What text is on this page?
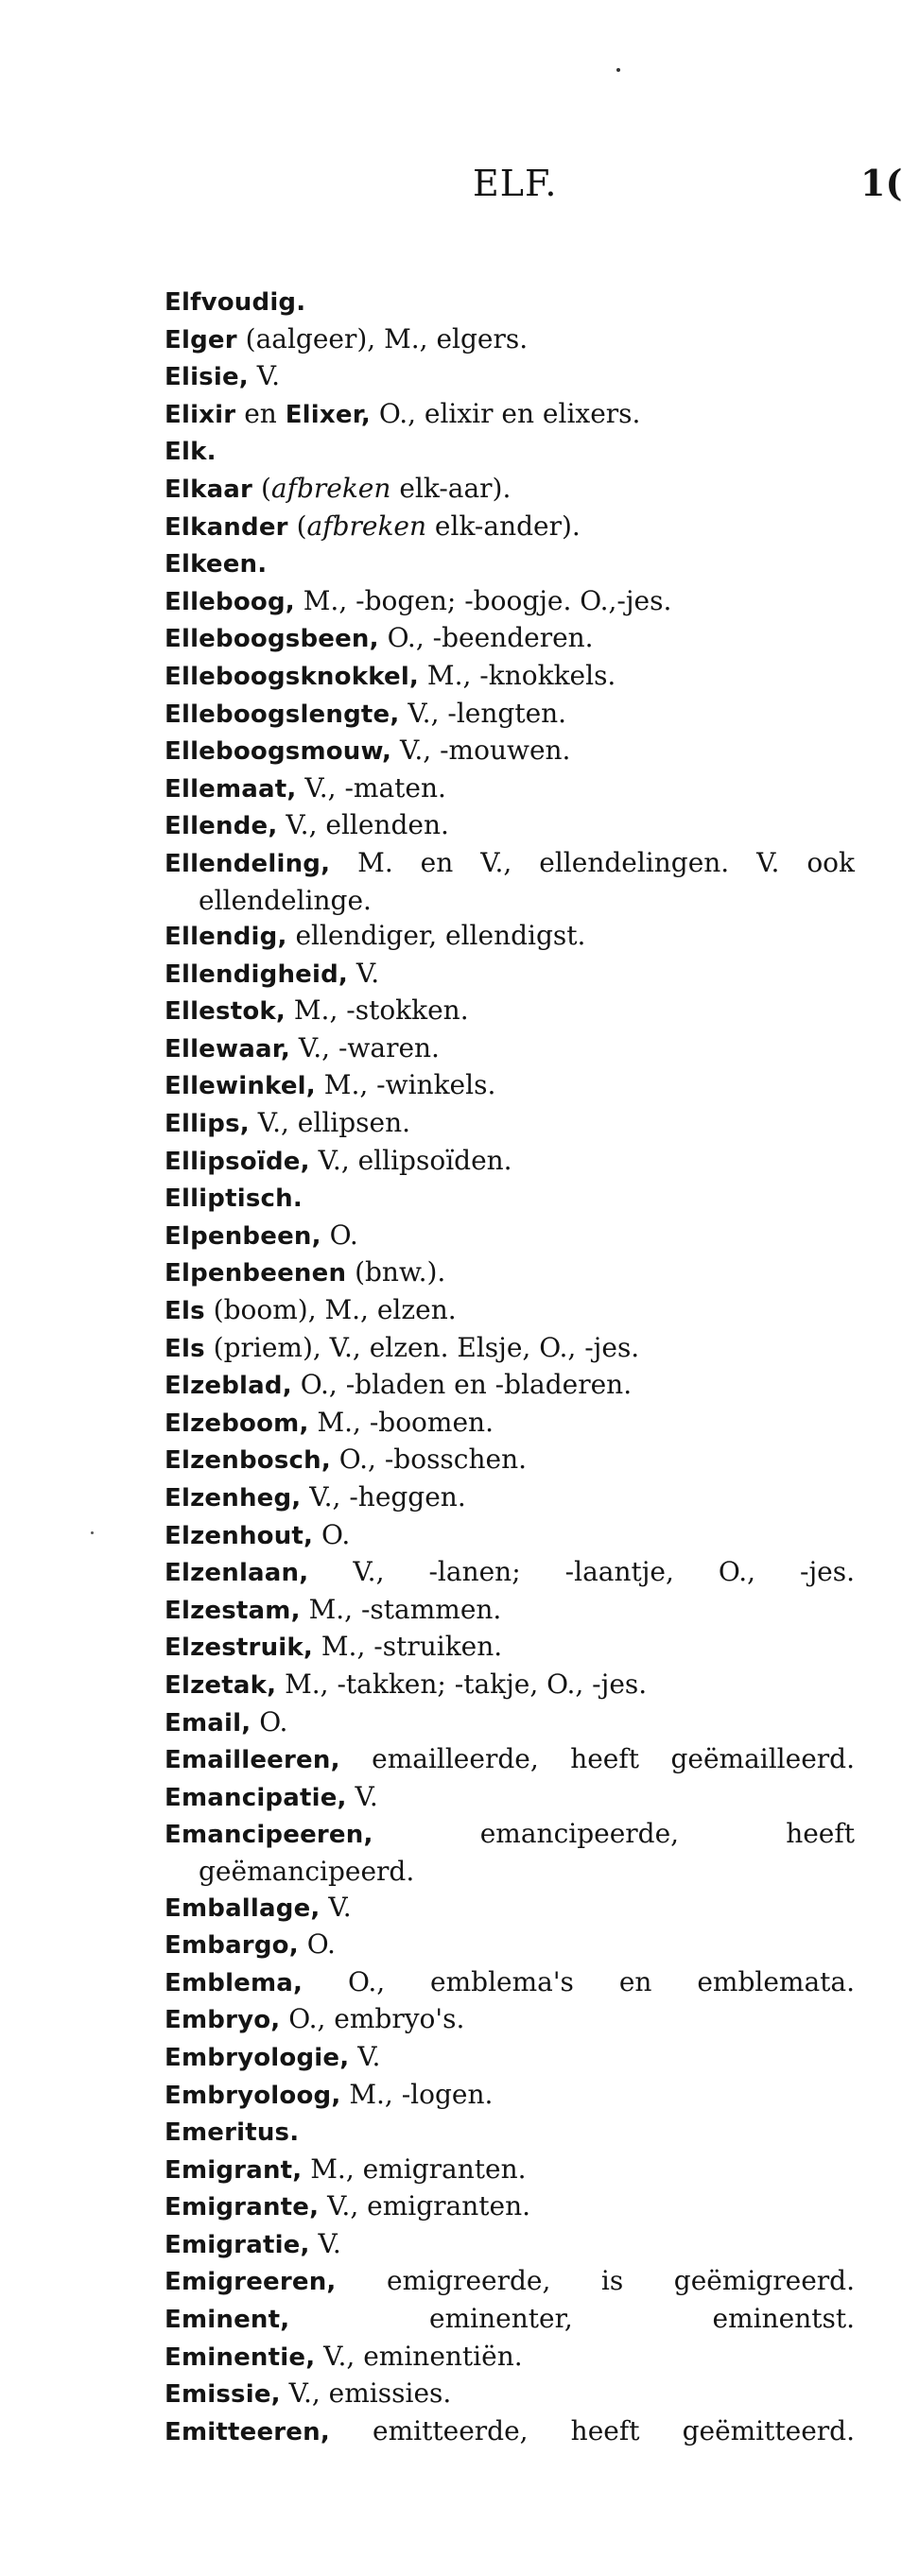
ELF.	1(
Elfvoudig.
Elger (aalgeer), M., elgers.
Elisie, V.
Elixir en Elixer, O., elixir en elixers.
Elk.
Elkaar (afbreken elk-aar).
Elkander (afbreken elk-ander).
Elkeen.
Elleboog, M., -bogen; -boogje. O.,-jes.
Elleboogsbeen, O., -beenderen.
Elleboogsknokkel, M., -knokkels.
Elleboogslengte, V., -lengten.
Elleboogsmouw, V., -mouwen.
Ellemaat, V., -maten.
Ellende, V., ellenden.
Ellendeling, M. en V., ellendelingen. V. ook ellendelinge.
Ellendig, ellendiger, ellendigst.
Ellendigheid, V.
Ellestok, M., -stokken.
Ellewaar, V., -waren.
Ellewinkel, M., -winkels.
Ellips, V., ellipsen.
Ellipsoïde, V., ellipsoïden.
Elliptisch.
Elpenbeen, O.
Elpenbeenen (bnw.).
Els (boom), M., elzen.
Els (priem), V., elzen. Elsje, O., -jes.
Elzeblad, O., -bladen en -bladeren.
Elzeboom, M., -boomen.
Elzenbosch, O., -bosschen.
Elzenheg, V., -heggen.
Elzenhout, O.
Elzenlaan, V., -lanen; -laantje, O., -jes.
Elzestam, M., -stammen.
Elzestruik, M., -struiken.
Elzetak, M., -takken; -takje, O., -jes.
Email, O.
Emailleeren, emailleerde, heeft geëmailleerd.
Emancipatie, V.
Emancipeeren, emancipeerde, heeft geëmancipeerd.
Emballage, V.
Embargo, O.
Emblema, O., emblema's en emblemata.
Embryo, O., embryo's.
Embryologie, V.
Embryoloog, M., -logen.
Emeritus.
Emigrant, M., emigranten.
Emigrante, V., emigranten.
Emigratie, V.
Emigreeren, emigreerde, is geëmigreerd.
Eminent, eminenter, eminentst.
Eminentie, V., eminentiën.
Emissie, V., emissies.
Emitteeren, emitteerde, heeft geëmitteerd.
